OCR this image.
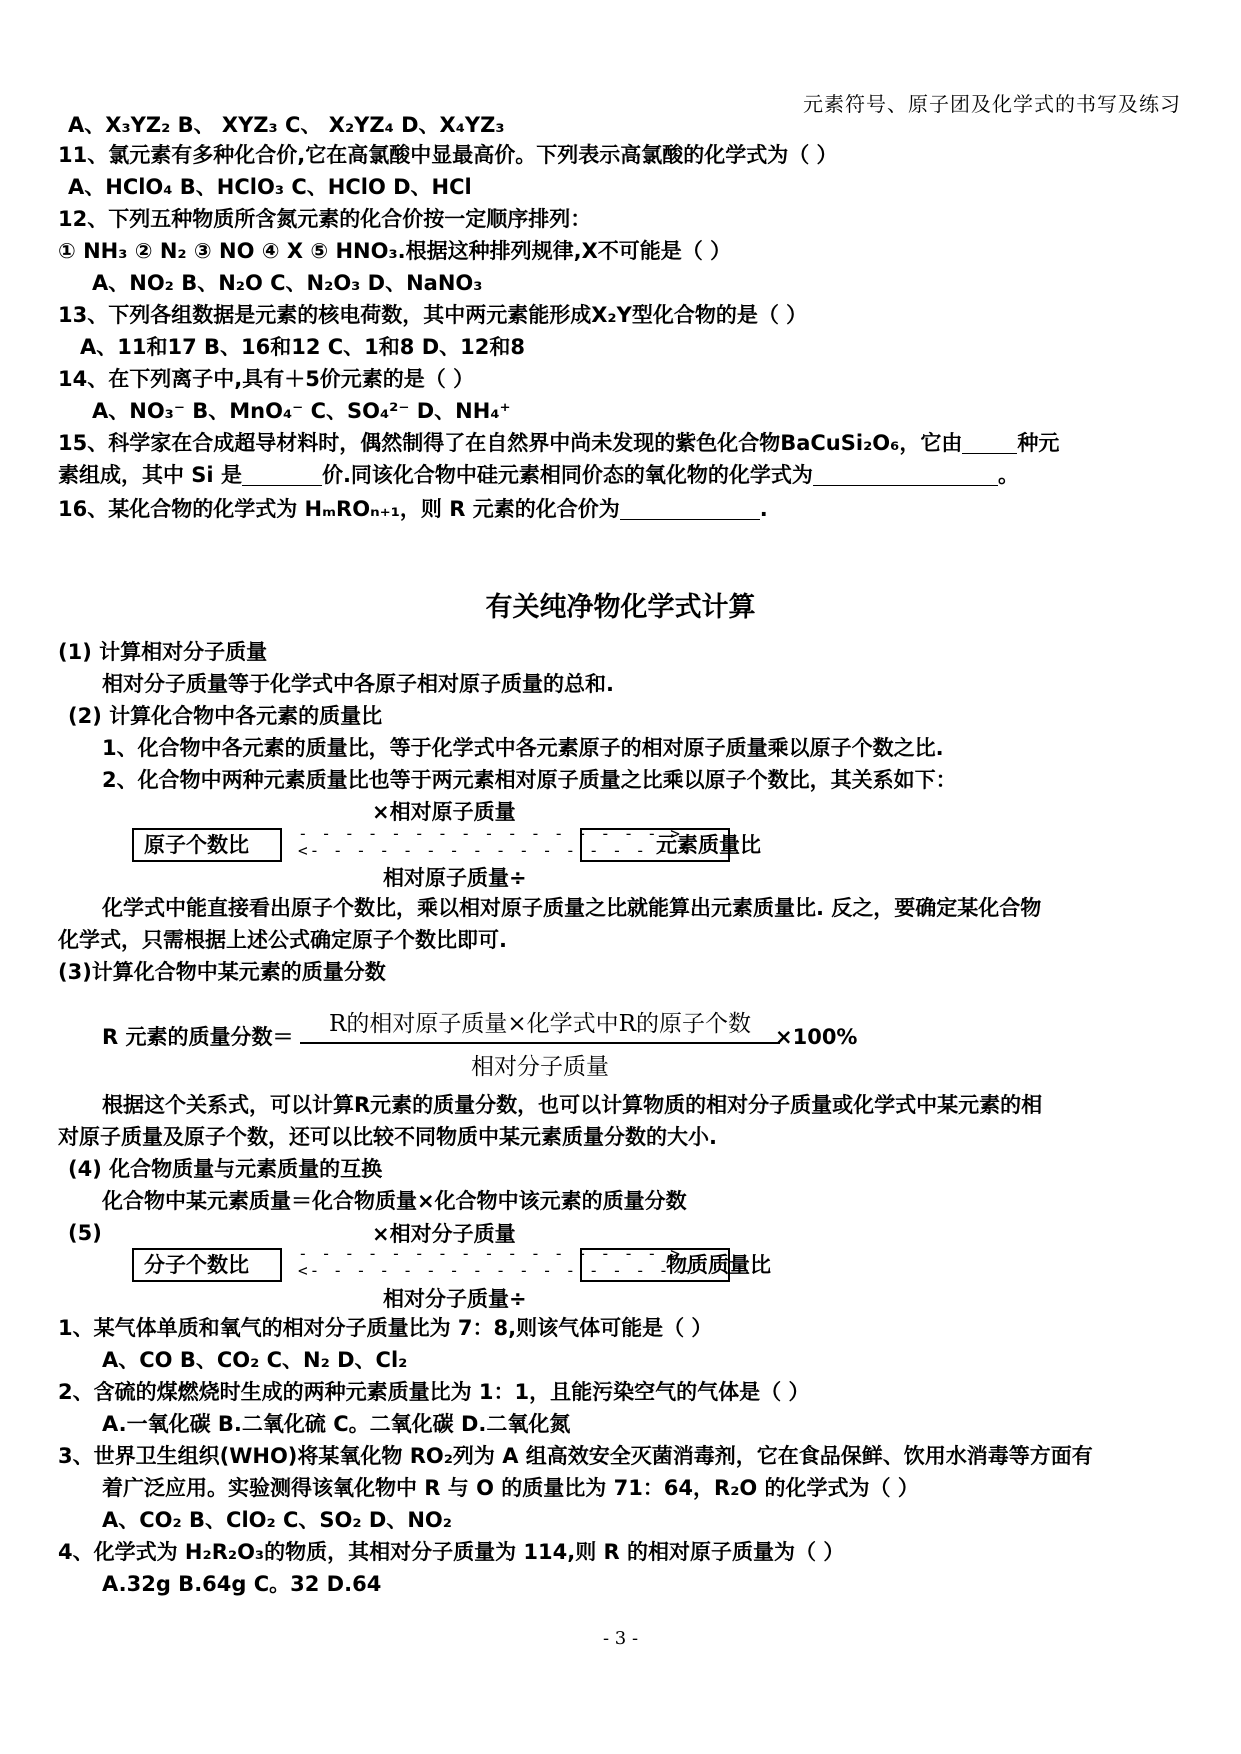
元素符号、原子团及化学式的书写及练习
A、X₃YZ₂ B、 XYZ₃ C、 X₂YZ₄ D、X₄YZ₃
11、氯元素有多种化合价,它在高氯酸中显最高价。下列表示高氯酸的化学式为（ ）
A、HClO₄ B、HClO₃ C、HClO D、HCl
12、下列五种物质所含氮元素的化合价按一定顺序排列：
① NH₃ ② N₂ ③ NO ④ X ⑤ HNO₃.根据这种排列规律,X不可能是（ ）
A、NO₂ B、N₂O C、N₂O₃ D、NaNO₃
13、下列各组数据是元素的核电荷数，其中两元素能形成X₂Y型化合物的是（ ）
A、11和17 B、16和12 C、1和8 D、12和8
14、在下列离子中,具有＋5价元素的是（ ）
A、NO₃⁻ B、MnO₄⁻ C、SO₄²⁻ D、NH₄⁺
15、科学家在合成超导材料时，偶然制得了在自然界中尚未发现的紫色化合物BaCuSi₂O₆，它由	种元
素组成，其中 Si 是	价.同该化合物中硅元素相同价态的氧化物的化学式为	。
16、某化合物的化学式为 HₘROₙ₊₁，则 R 元素的化合价为	.
有关纯净物化学式计算
(1) 计算相对分子质量
相对分子质量等于化学式中各原子相对原子质量的总和.
(2) 计算化合物中各元素的质量比
1、化合物中各元素的质量比，等于化学式中各元素原子的相对原子质量乘以原子个数之比.
2、化合物中两种元素质量比也等于两元素相对原子质量之比乘以原子个数比，其关系如下：
×相对原子质量
原子个数比	- - - - - - - - - - - - - - - - >
<- - - - - - - - - - - - - - - - -
元素质量比
相对原子质量÷
化学式中能直接看出原子个数比，乘以相对原子质量之比就能算出元素质量比. 反之，要确定某化合物
化学式，只需根据上述公式确定原子个数比即可.
(3)计算化合物中某元素的质量分数
R 元素的质量分数＝	R的相对原子质量×化学式中R的原子个数
相对分子质量
×100%
根据这个关系式，可以计算R元素的质量分数，也可以计算物质的相对分子质量或化学式中某元素的相
对原子质量及原子个数，还可以比较不同物质中某元素质量分数的大小.
(4) 化合物质量与元素质量的互换
化合物中某元素质量＝化合物质量×化合物中该元素的质量分数
(5)	×相对分子质量
分子个数比	- - - - - - - - - - - - - - - - >
<- - - - - - - - - - - - - - - - -
物质质量比
相对分子质量÷
1、某气体单质和氧气的相对分子质量比为 7：8,则该气体可能是（ ）
A、CO B、CO₂ C、N₂ D、Cl₂
2、含硫的煤燃烧时生成的两种元素质量比为 1：1，且能污染空气的气体是（ ）
A.一氧化碳 B.二氧化硫 C。二氧化碳 D.二氧化氮
3、世界卫生组织(WHO)将某氧化物 RO₂列为 A 组高效安全灭菌消毒剂，它在食品保鲜、饮用水消毒等方面有
着广泛应用。实验测得该氧化物中 R 与 O 的质量比为 71：64，R₂O 的化学式为（ ）
A、CO₂ B、ClO₂ C、SO₂ D、NO₂
4、化学式为 H₂R₂O₃的物质，其相对分子质量为 114,则 R 的相对原子质量为（ ）
A.32g B.64g C。32 D.64
- 3 -
